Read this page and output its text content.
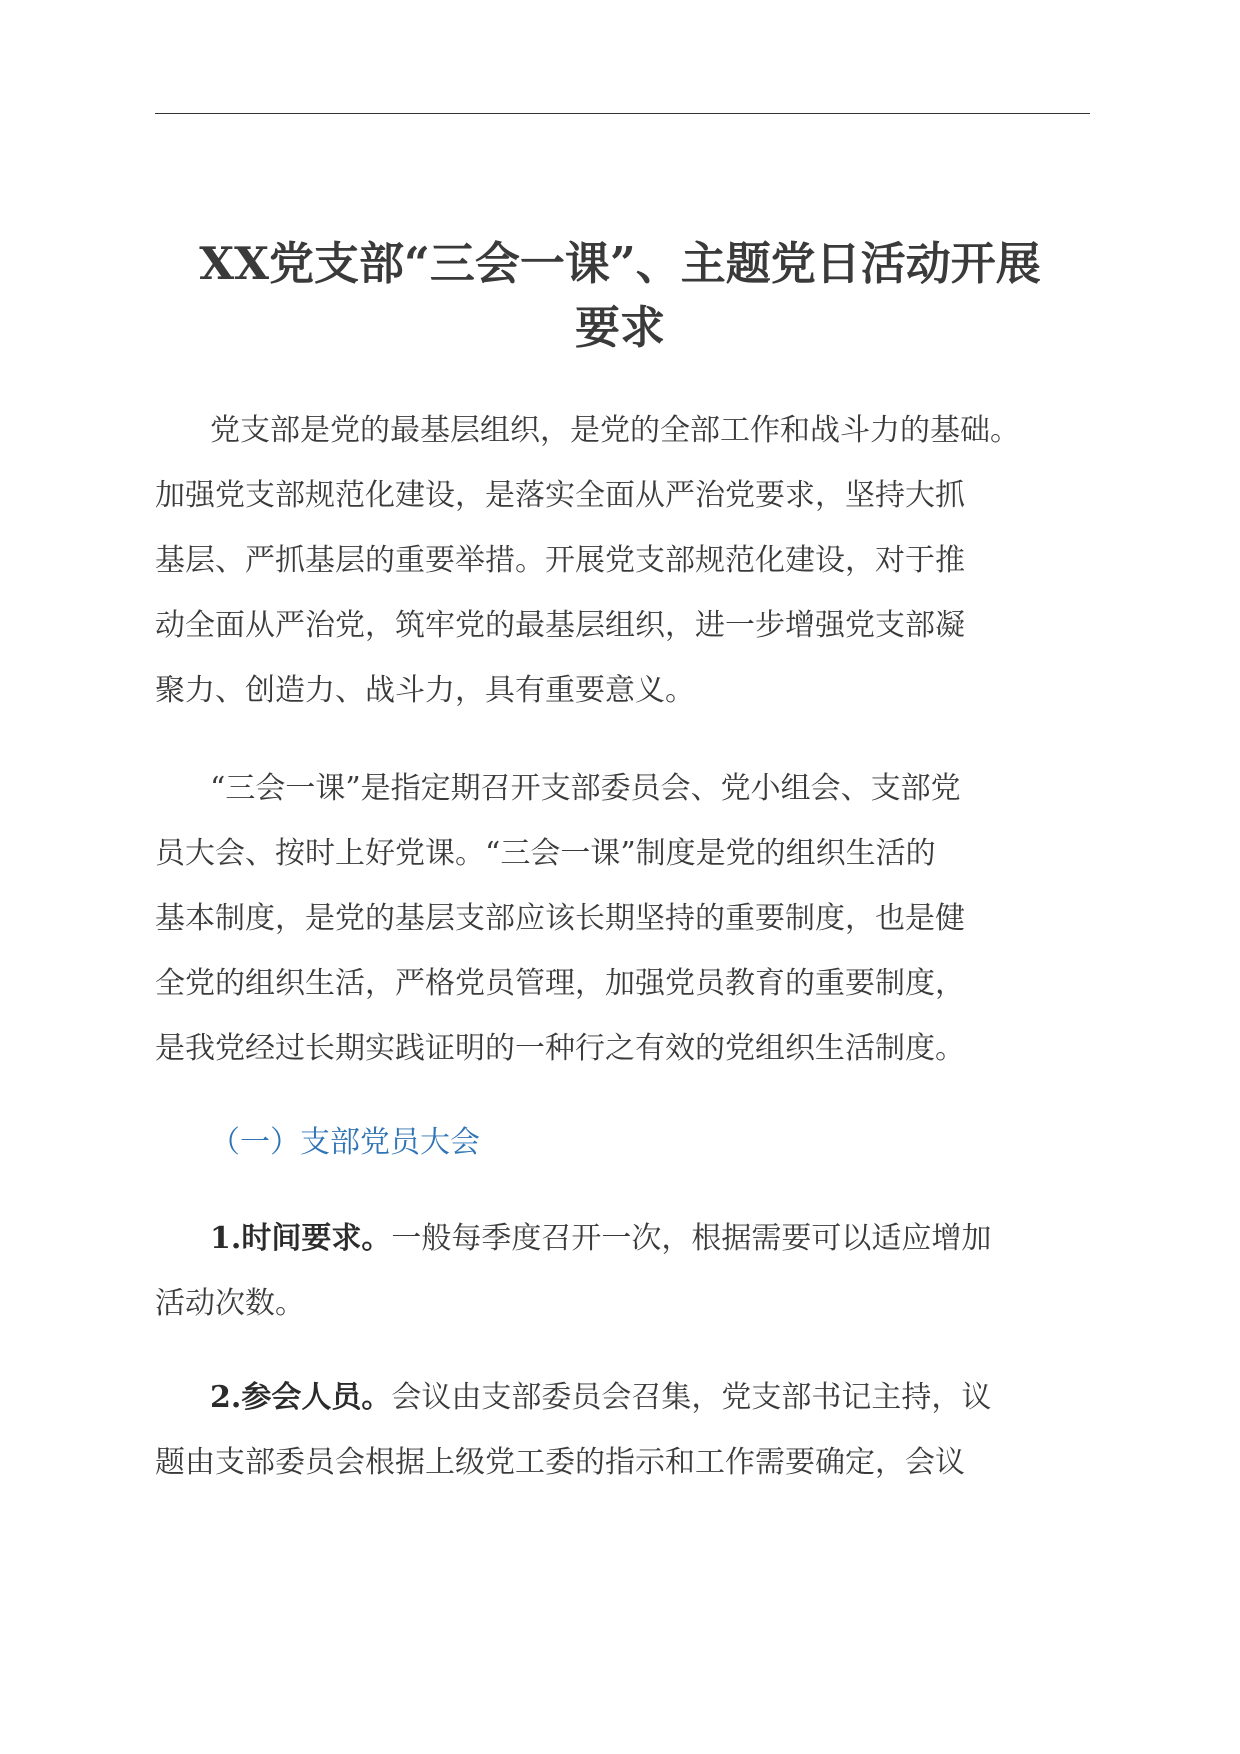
XX党支部“三会一课”、主题党日活动开展
要求

党支部是党的最基层组织，是党的全部工作和战斗力的基础。
加强党支部规范化建设，是落实全面从严治党要求，坚持大抓
基层、严抓基层的重要举措。开展党支部规范化建设，对于推
动全面从严治党，筑牢党的最基层组织，进一步增强党支部凝
聚力、创造力、战斗力，具有重要意义。

“三会一课”是指定期召开支部委员会、党小组会、支部党
员大会、按时上好党课。“三会一课”制度是党的组织生活的
基本制度，是党的基层支部应该长期坚持的重要制度，也是健
全党的组织生活，严格党员管理，加强党员教育的重要制度，
是我党经过长期实践证明的一种行之有效的党组织生活制度。

（一）支部党员大会

1.时间要求。一般每季度召开一次，根据需要可以适应增加
活动次数。

2.参会人员。会议由支部委员会召集，党支部书记主持，议
题由支部委员会根据上级党工委的指示和工作需要确定，会议
